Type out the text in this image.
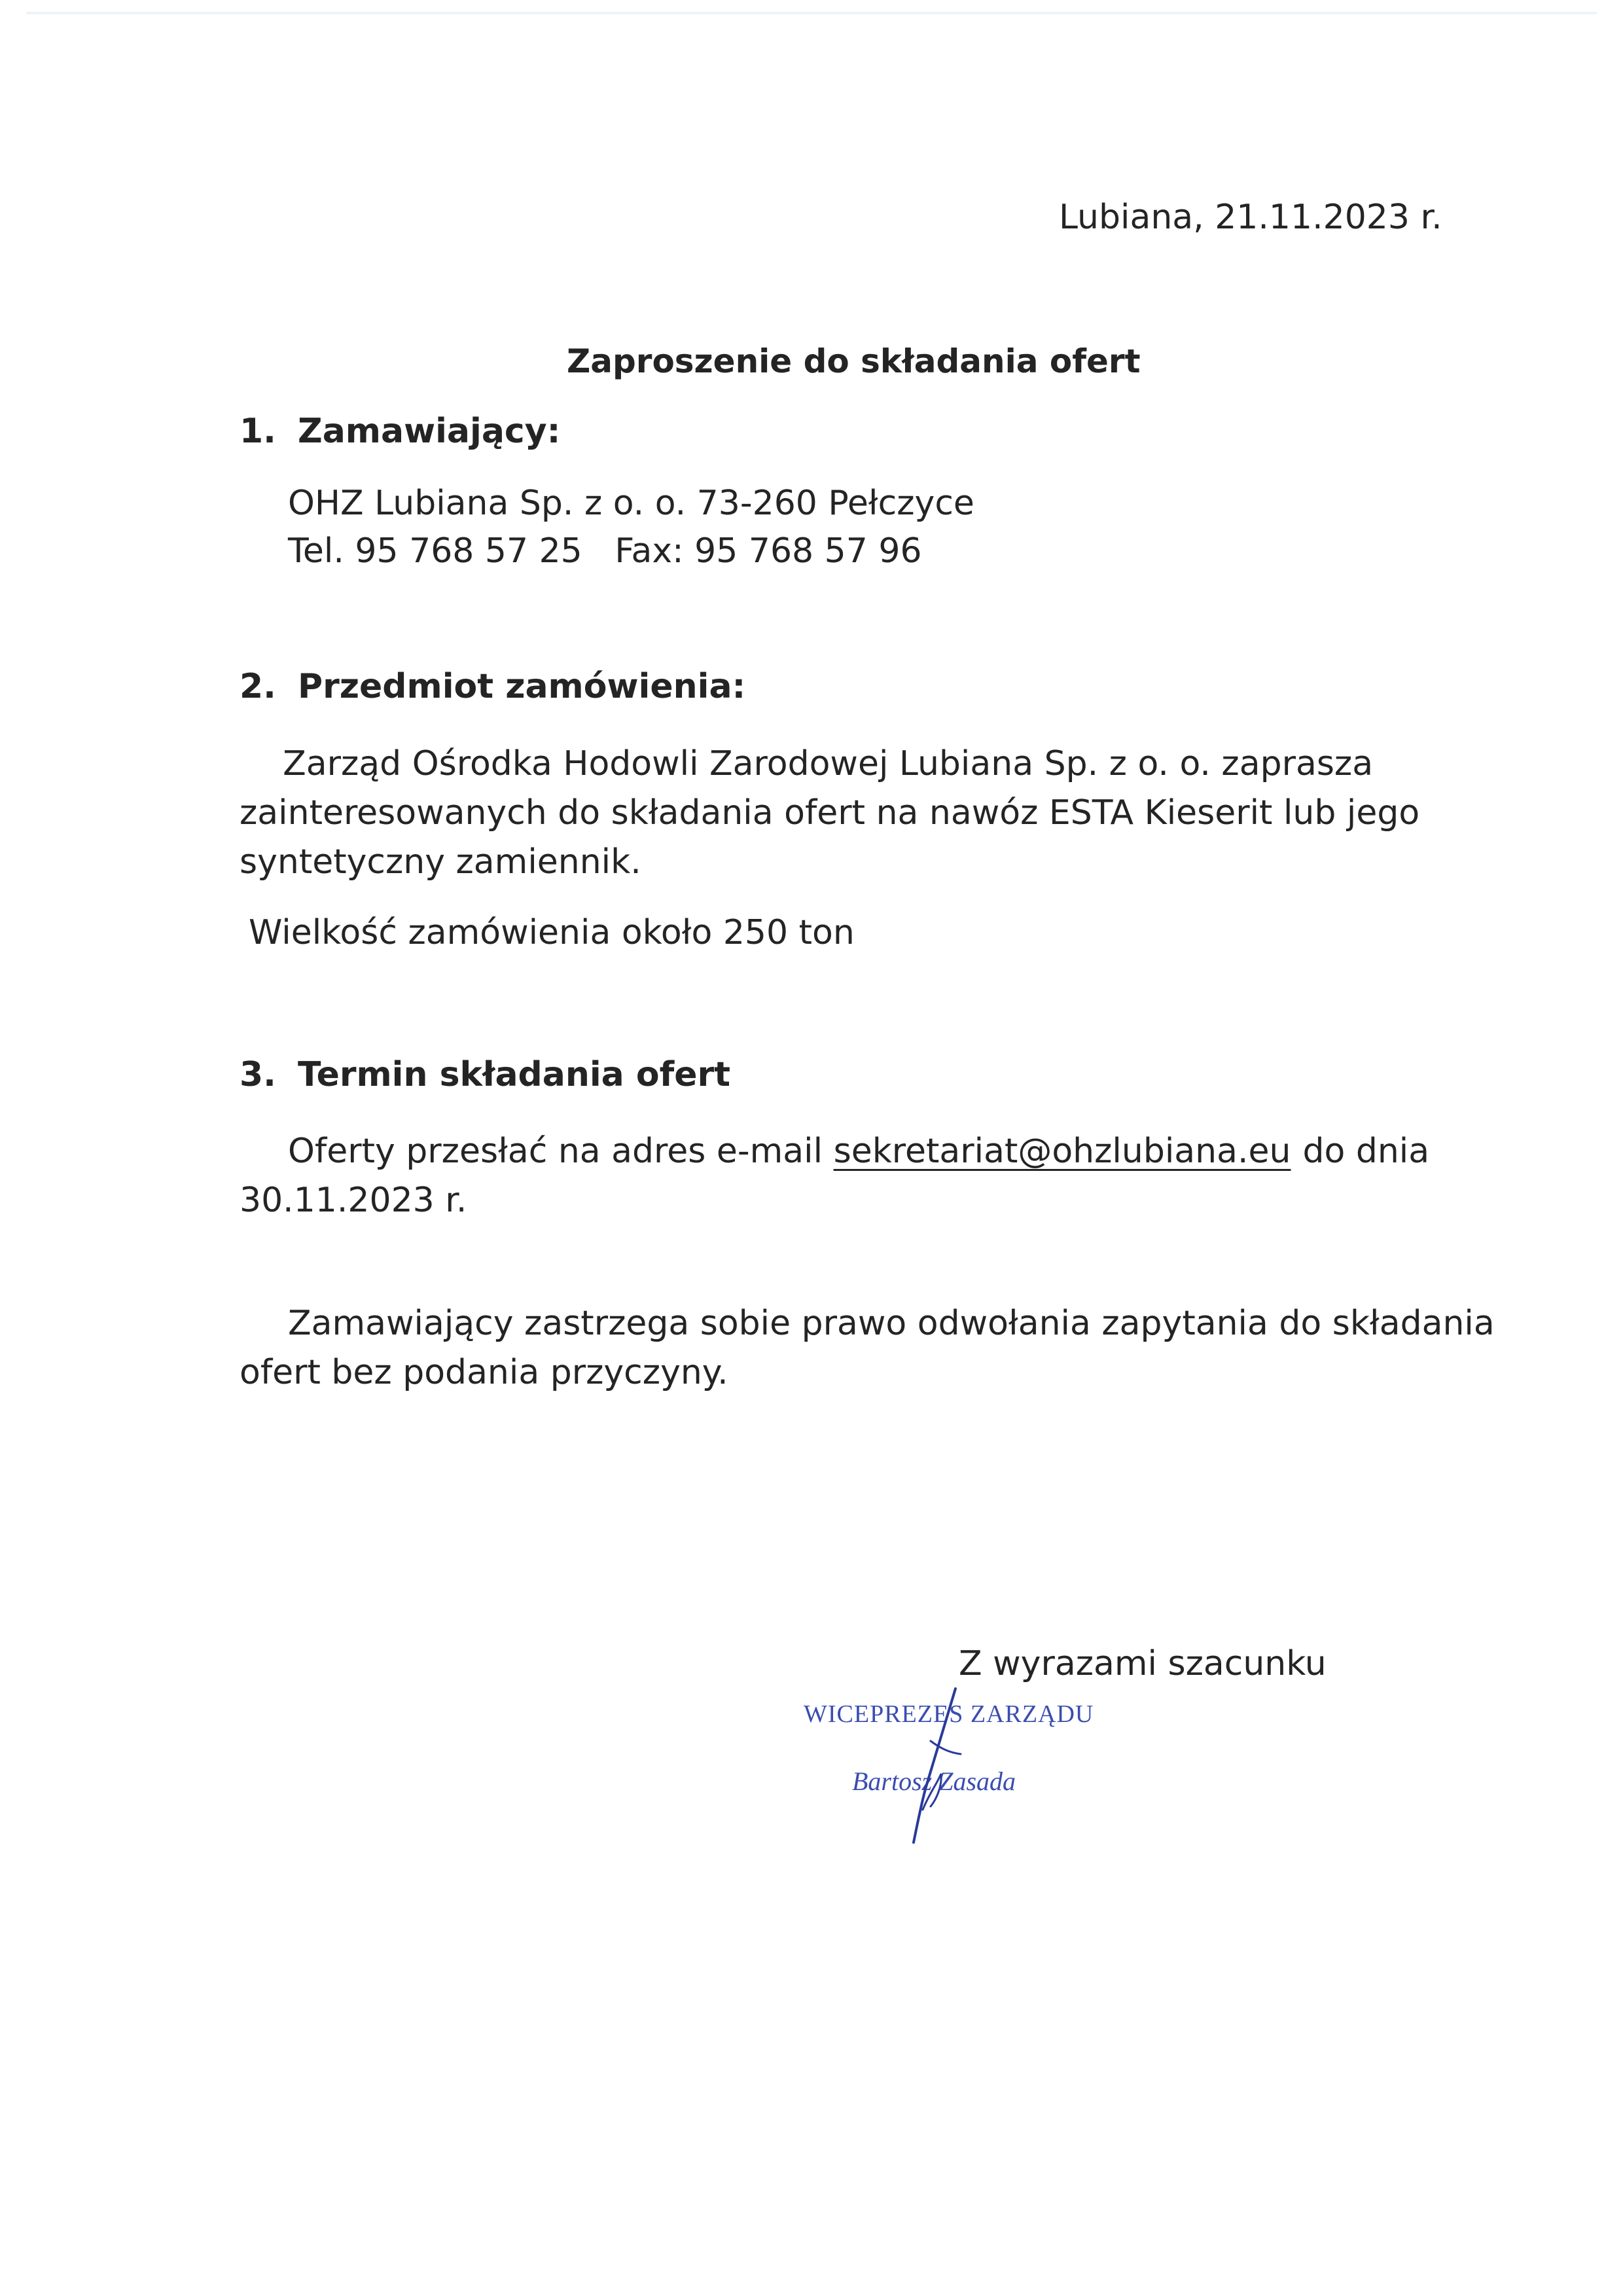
Lubiana, 21.11.2023 r.
Zaproszenie do składania ofert
1. Zamawiający:
OHZ Lubiana Sp. z o. o. 73-260 Pełczyce
Tel. 95 768 57 25   Fax: 95 768 57 96
2. Przedmiot zamówienia:
Zarząd Ośrodka Hodowli Zarodowej Lubiana Sp. z o. o. zaprasza
zainteresowanych do składania ofert na nawóz ESTA Kieserit lub jego
syntetyczny zamiennik.
Wielkość zamówienia około 250 ton
3. Termin składania ofert
Oferty przesłać na adres e-mail sekretariat@ohzlubiana.eu do dnia
30.11.2023 r.
Zamawiający zastrzega sobie prawo odwołania zapytania do składania
ofert bez podania przyczyny.
Z wyrazami szacunku
WICEPREZES ZARZĄDU
Bartosz Zasada
